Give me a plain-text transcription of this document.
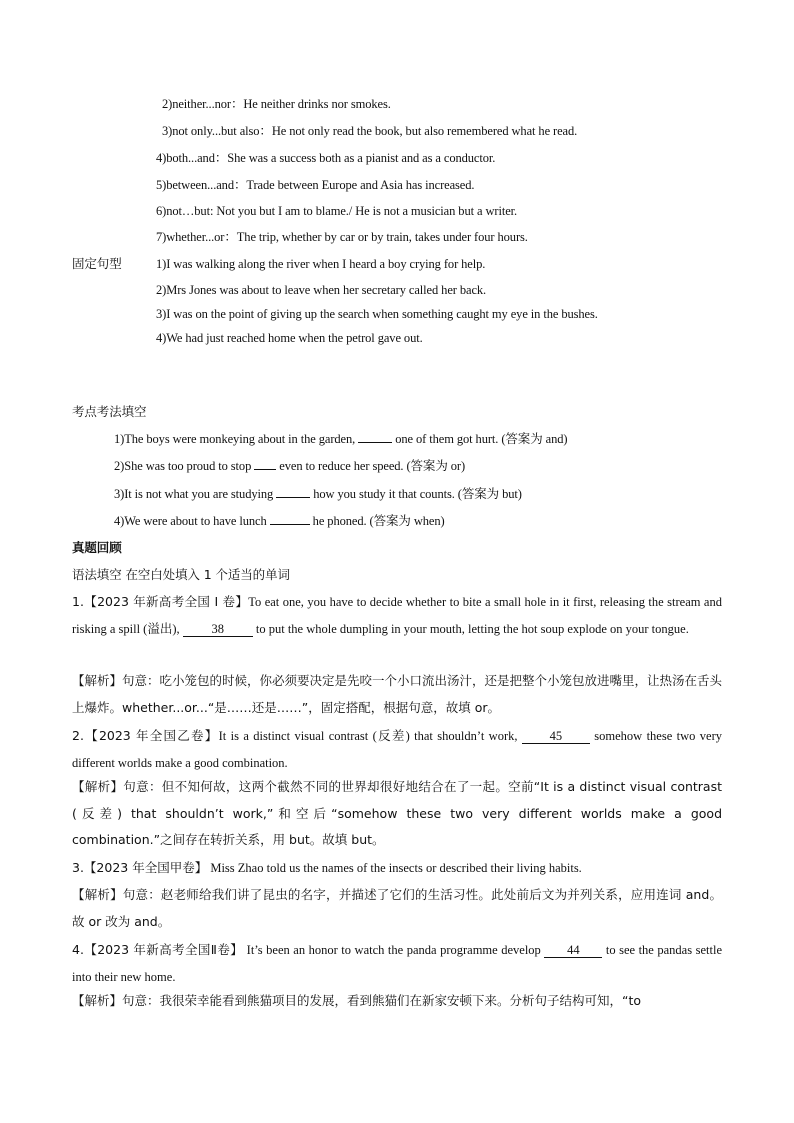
2)neither...nor：He neither drinks nor smokes.
3)not only...but also：He not only read the book, but also remembered what he read.
4)both...and：She was a success both as a pianist and as a conductor.
5)between...and：Trade between Europe and Asia has increased.
6)not…but: Not you but I am to blame./ He is not a musician but a writer.
7)whether...or：The trip, whether by car or by train, takes under four hours.
固定句型	1)I was walking along the river when I heard a boy crying for help.
2)Mrs Jones was about to leave when her secretary called her back.
3)I was on the point of giving up the search when something caught my eye in the bushes.
4)We had just reached home when the petrol gave out.
考点考法填空
1)The boys were monkeying about in the garden,	one of them got hurt. (答案为 and)
2)She was too proud to stop  even to reduce her speed. (答案为 or)
3)It is not what you are studying	how you study it that counts. (答案为 but)
4)We were about to have lunch	he phoned. (答案为 when)
真题回顾
语法填空 在空白处填入 1 个适当的单词
1.【2023 年新高考全国 I 卷】To eat one, you have to decide whether to bite a small hole in it first, releasing the stream and risking a spill (溢出), 38 to put the whole dumpling in your mouth, letting the hot soup explode on your tongue.
【解析】句意：吃小笼包的时候，你必须要决定是先咬一个小口流出汤汁，还是把整个小笼包放进嘴里，让热汤在舌头上爆炸。whether...or...“是……还是……”，固定搭配，根据句意，故填 or。
2.【2023 年全国乙卷】It is a distinct visual contrast (反差) that shouldn’t work, 45 somehow these two very different worlds make a good combination.
【解析】句意：但不知何故，这两个截然不同的世界却很好地结合在了一起。空前“It is a distinct visual contrast (反差) that shouldn’t work,”和空后“somehow these two very different worlds make a good combination.”之间存在转折关系，用 but。故填 but。
3.【2023 年全国甲卷】 Miss Zhao told us the names of the insects or described their living habits.
【解析】句意：赵老师给我们讲了昆虫的名字，并描述了它们的生活习性。此处前后文为并列关系，应用连词 and。故 or 改为 and。
4.【2023 年新高考全国Ⅱ卷】 It’s been an honor to watch the panda programme develop 44 to see the pandas settle into their new home.
【解析】句意：我很荣幸能看到熊猫项目的发展，看到熊猫们在新家安顿下来。分析句子结构可知，“to
